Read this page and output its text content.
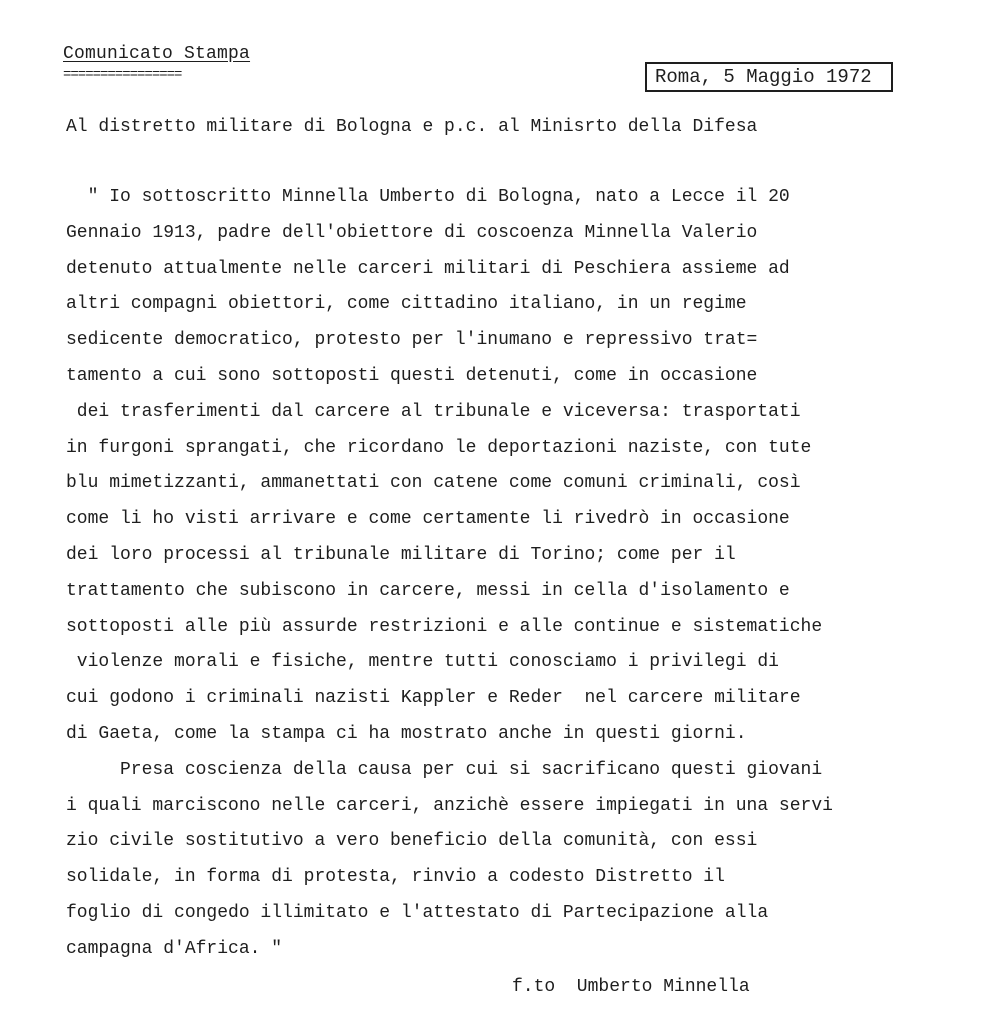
Comunicato Stampa
================	Roma, 5 Maggio 1972
Al distretto militare di Bologna e p.c. al Minisrto della Difesa
" Io sottoscritto Minnella Umberto di Bologna, nato a Lecce il 20
Gennaio 1913, padre dell'obiettore di coscoenza Minnella Valerio
detenuto attualmente nelle carceri militari di Peschiera assieme ad
altri compagni obiettori, come cittadino italiano, in un regime
sedicente democratico, protesto per l'inumano e repressivo trat=
tamento a cui sono sottoposti questi detenuti, come in occasione
dei trasferimenti dal carcere al tribunale e viceversa: trasportati
in furgoni sprangati, che ricordano le deportazioni naziste, con tute
blu mimetizzanti, ammanettati con catene come comuni criminali, così
come li ho visti arrivare e come certamente li rivedrò in occasione
dei loro processi al tribunale militare di Torino; come per il
trattamento che subiscono in carcere, messi in cella d'isolamento e
sottoposti alle più assurde restrizioni e alle continue e sistematiche
violenze morali e fisiche, mentre tutti conosciamo i privilegi di
cui godono i criminali nazisti Kappler e Reder  nel carcere militare
di Gaeta, come la stampa ci ha mostrato anche in questi giorni.
Presa coscienza della causa per cui si sacrificano questi giovani
i quali marciscono nelle carceri, anzichè essere impiegati in una servi
zio civile sostitutivo a vero beneficio della comunità, con essi
solidale, in forma di protesta, rinvio a codesto Distretto il
foglio di congedo illimitato e l'attestato di Partecipazione alla
campagna d'Africa. "
f.to  Umberto Minnella
